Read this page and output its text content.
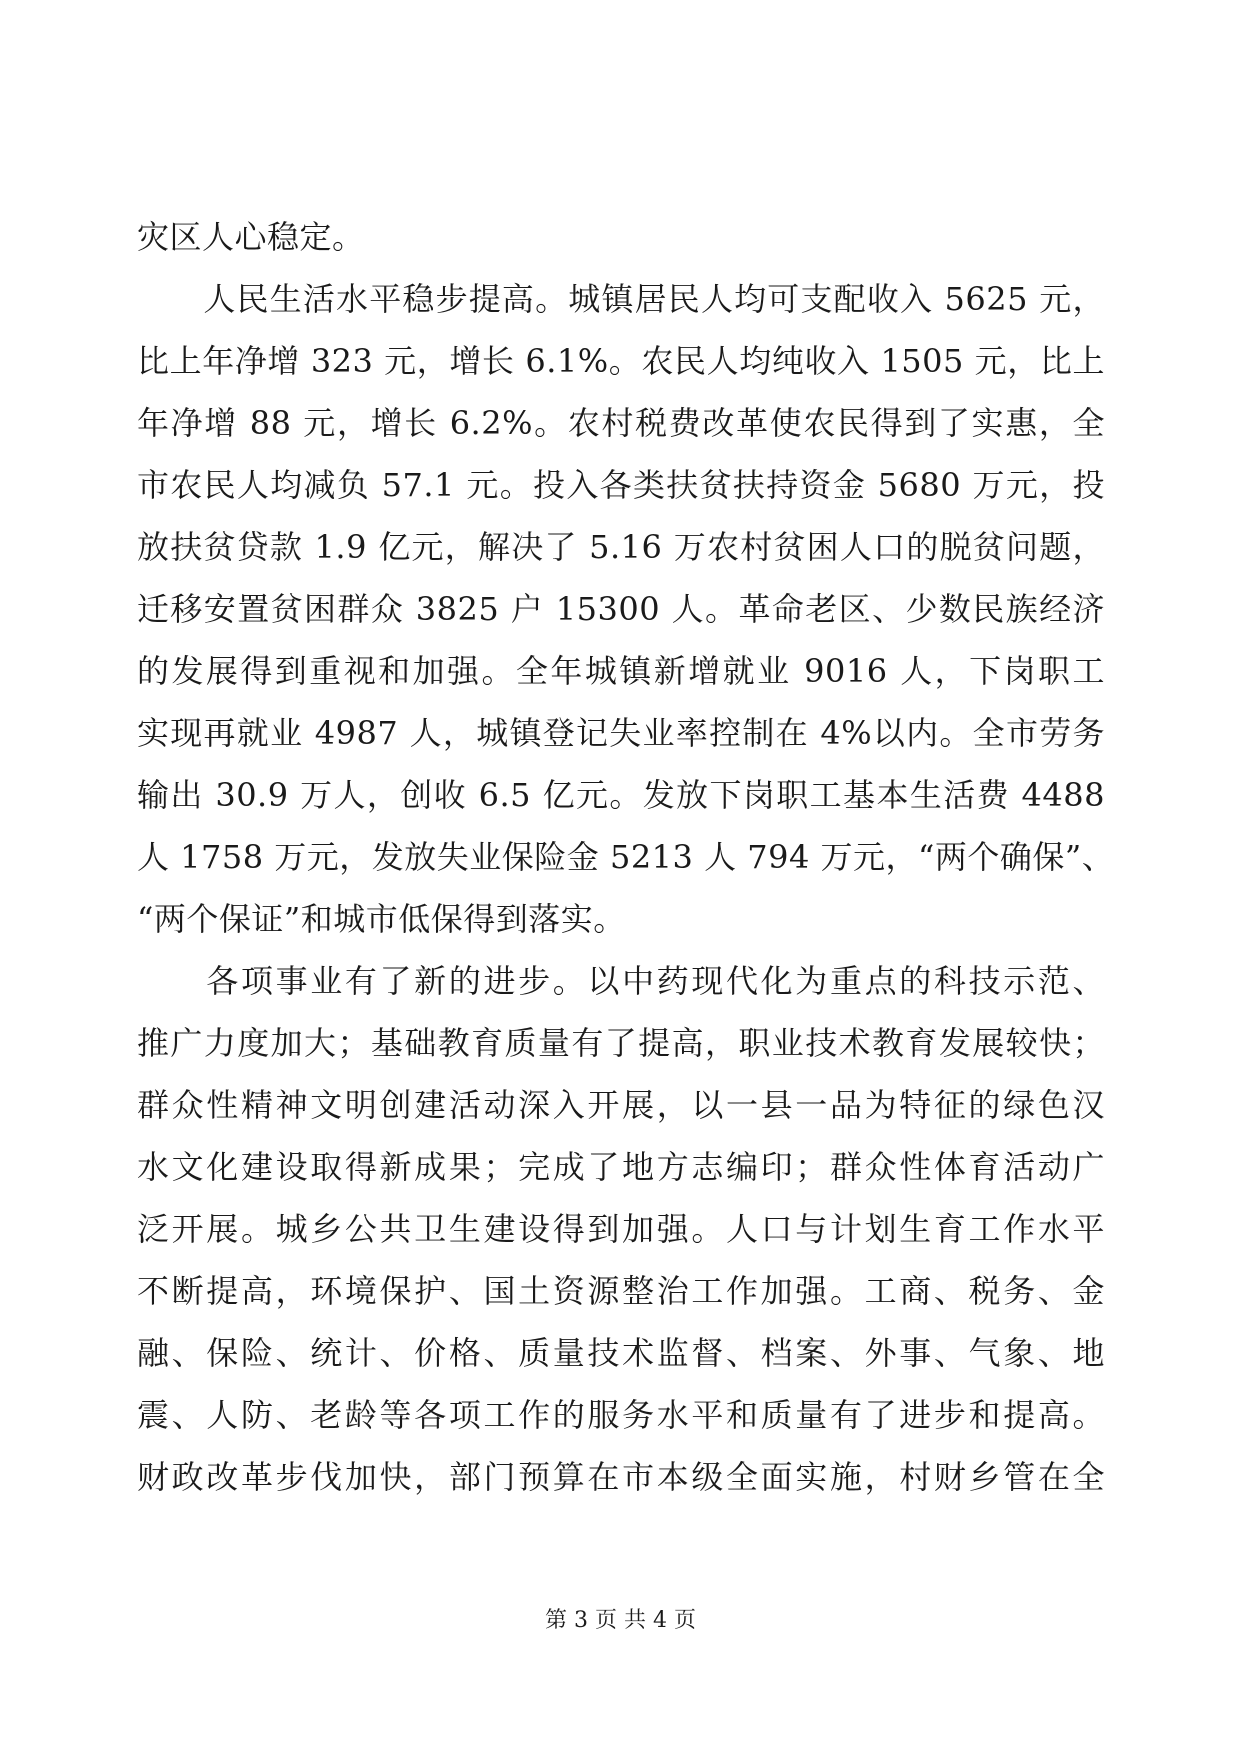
灾区人心稳定。
　　人民生活水平稳步提高。城镇居民人均可支配收入 5625 元，
比上年净增 323 元，增长 6.1%。农民人均纯收入 1505 元，比上
年净增 88 元，增长 6.2%。农村税费改革使农民得到了实惠，全
市农民人均减负 57.1 元。投入各类扶贫扶持资金 5680 万元，投
放扶贫贷款 1.9 亿元，解决了 5.16 万农村贫困人口的脱贫问题，
迁移安置贫困群众 3825 户 15300 人。革命老区、少数民族经济
的发展得到重视和加强。全年城镇新增就业 9016 人，下岗职工
实现再就业 4987 人，城镇登记失业率控制在 4%以内。全市劳务
输出 30.9 万人，创收 6.5 亿元。发放下岗职工基本生活费 4488
人 1758 万元，发放失业保险金 5213 人 794 万元，“两个确保”、
“两个保证”和城市低保得到落实。
　　各项事业有了新的进步。以中药现代化为重点的科技示范、
推广力度加大；基础教育质量有了提高，职业技术教育发展较快；
群众性精神文明创建活动深入开展，以一县一品为特征的绿色汉
水文化建设取得新成果；完成了地方志编印；群众性体育活动广
泛开展。城乡公共卫生建设得到加强。人口与计划生育工作水平
不断提高，环境保护、国土资源整治工作加强。工商、税务、金
融、保险、统计、价格、质量技术监督、档案、外事、气象、地
震、人防、老龄等各项工作的服务水平和质量有了进步和提高。
财政改革步伐加快，部门预算在市本级全面实施，村财乡管在全
第 3 页 共 4 页
